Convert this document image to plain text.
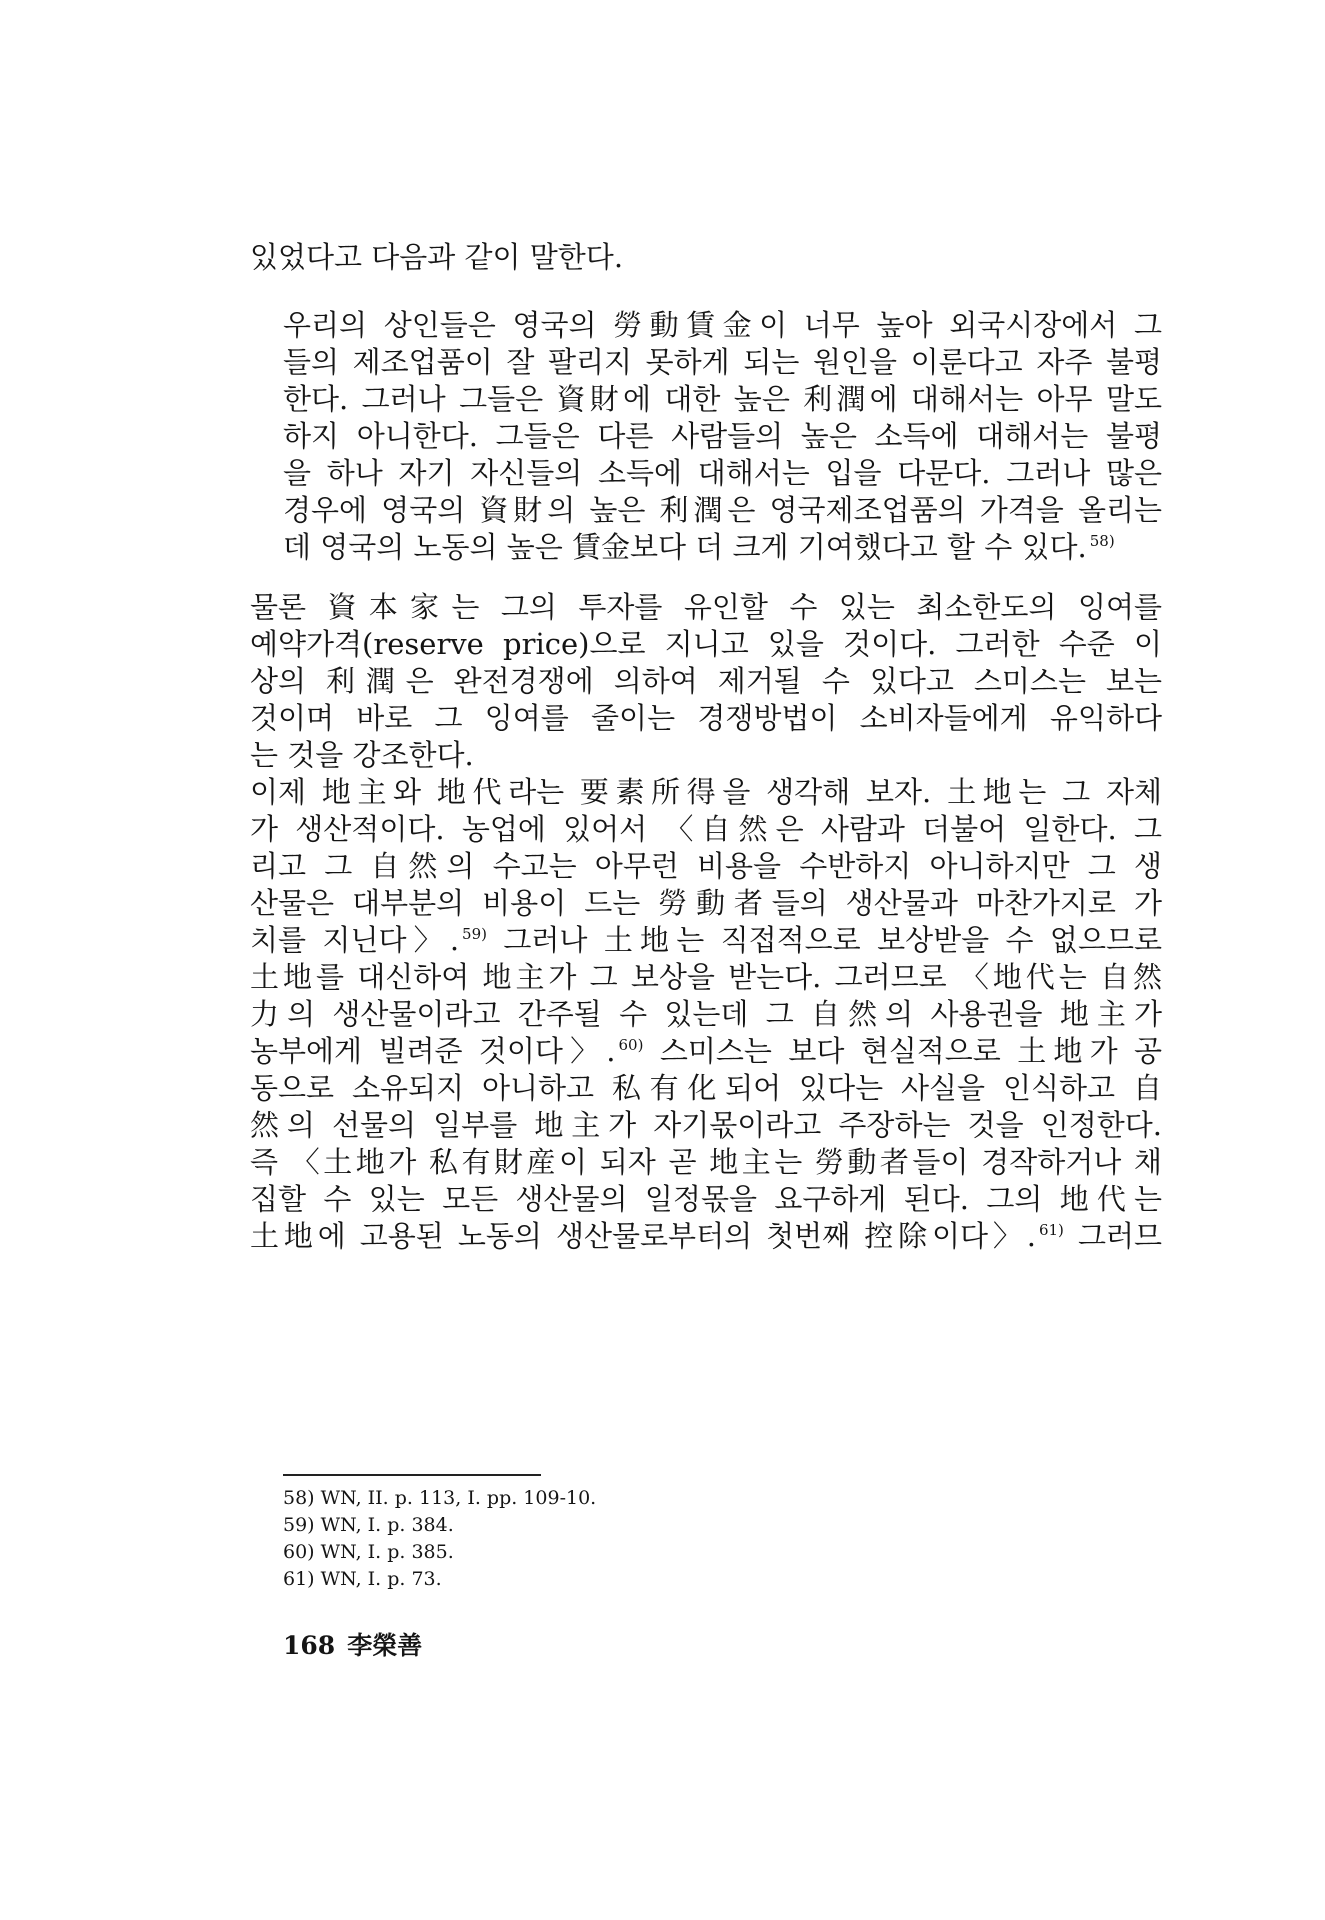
있었다고 다음과 같이 말한다.
우리의 상인들은 영국의 勞動賃金이 너무 높아 외국시장에서 그
들의 제조업품이 잘 팔리지 못하게 되는 원인을 이룬다고 자주 불평
한다. 그러나 그들은 資財에 대한 높은 利潤에 대해서는 아무 말도
하지 아니한다. 그들은 다른 사람들의 높은 소득에 대해서는 불평
을 하나 자기 자신들의 소득에 대해서는 입을 다문다. 그러나 많은
경우에 영국의 資財의 높은 利潤은 영국제조업품의 가격을 올리는
데 영국의 노동의 높은 賃金보다 더 크게 기여했다고 할 수 있다. $^{58)}$
물론 資本家는 그의 투자를 유인할 수 있는 최소한도의 잉여를
예약가격(reserve price)으로 지니고 있을 것이다. 그러한 수준 이
상의 利潤은 완전경쟁에 의하여 제거될 수 있다고 스미스는 보는
것이며 바로 그 잉여를 줄이는 경쟁방법이 소비자들에게 유익하다
는 것을 강조한다.
이제 地主와 地代라는 要素所得을 생각해 보자. 土地는 그 자체
가 생산적이다. 농업에 있어서 〈自然은 사람과 더불어 일한다. 그
리고 그 自然의 수고는 아무런 비용을 수반하지 아니하지만 그 생
산물은 대부분의 비용이 드는 勞動者들의 생산물과 마찬가지로 가
치를 지닌다〉. $^{59)}$ 그러나 土地는 직접적으로 보상받을 수 없으므로
土地를 대신하여 地主가 그 보상을 받는다. 그러므로 〈地代는 自然
力의 생산물이라고 간주될 수 있는데 그 自然의 사용권을 地主가
농부에게 빌려준 것이다〉. $^{60)}$ 스미스는 보다 현실적으로 土地가 공
동으로 소유되지 아니하고 私有化되어 있다는 사실을 인식하고 自
然의 선물의 일부를 地主가 자기몫이라고 주장하는 것을 인정한다.
즉 〈土地가 私有財産이 되자 곧 地主는 勞動者들이 경작하거나 채
집할 수 있는 모든 생산물의 일정몫을 요구하게 된다. 그의 地代는
土地에 고용된 노동의 생산물로부터의 첫번째 控除이다〉. $^{61)}$ 그러므
58) WN, II. p. 113, I. pp. 109-10.
59) WN, I. p. 384.
60) WN, I. p. 385.
61) WN, I. p. 73.
168 李榮善
